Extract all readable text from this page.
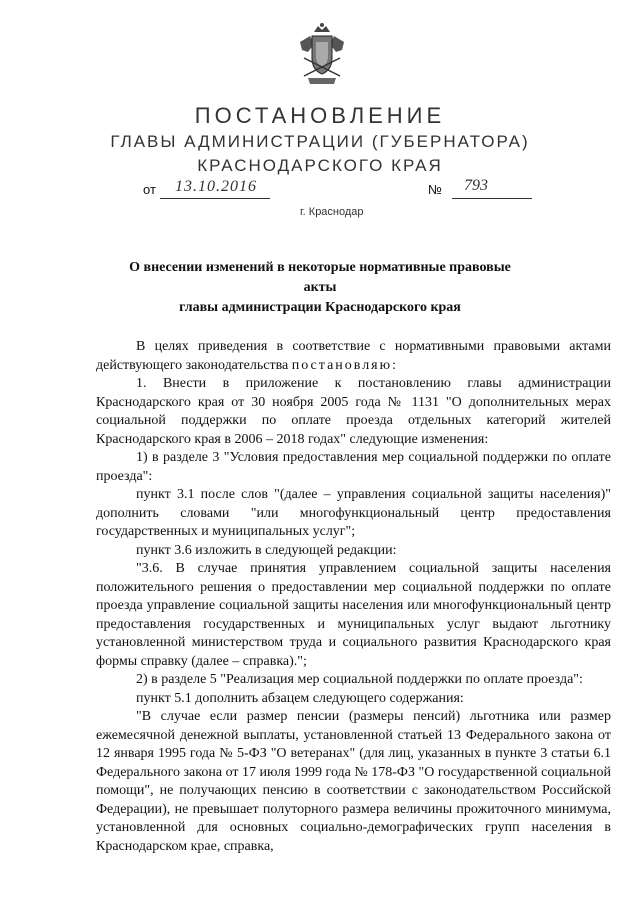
ПОСТАНОВЛЕНИЕ
ГЛАВЫ АДМИНИСТРАЦИИ (ГУБЕРНАТОРА)
КРАСНОДАРСКОГО КРАЯ
от 13.10.2016	№ 793
г. Краснодар
О внесении изменений в некоторые нормативные правовые акты
главы администрации Краснодарского края

В целях приведения в соответствие с нормативными правовыми актами действующего законодательства постановляю:

1. Внести в приложение к постановлению главы администрации Краснодарского края от 30 ноября 2005 года № 1131 "О дополнительных мерах социальной поддержки по оплате проезда отдельных категорий жителей Краснодарского края в 2006 – 2018 годах" следующие изменения:

1) в разделе 3 "Условия предоставления мер социальной поддержки по оплате проезда":

пункт 3.1 после слов "(далее – управления социальной защиты населения)" дополнить словами "или многофункциональный центр предоставления государственных и муниципальных услуг";

пункт 3.6 изложить в следующей редакции:

"3.6. В случае принятия управлением социальной защиты населения положительного решения о предоставлении мер социальной поддержки по оплате проезда управление социальной защиты населения или многофункциональный центр предоставления государственных и муниципальных услуг выдают льготнику установленной министерством труда и социального развития Краснодарского края формы справку (далее – справка).";

2) в разделе 5 "Реализация мер социальной поддержки по оплате проезда":

пункт 5.1 дополнить абзацем следующего содержания:

"В случае если размер пенсии (размеры пенсий) льготника или размер ежемесячной денежной выплаты, установленной статьей 13 Федерального закона от 12 января 1995 года № 5-ФЗ "О ветеранах" (для лиц, указанных в пункте 3 статьи 6.1 Федерального закона от 17 июля 1999 года № 178-ФЗ "О государственной социальной помощи", не получающих пенсию в соответствии с законодательством Российской Федерации), не превышает полуторного размера величины прожиточного минимума, установленной для основных социально-демографических групп населения в Краснодарском крае, справка,
